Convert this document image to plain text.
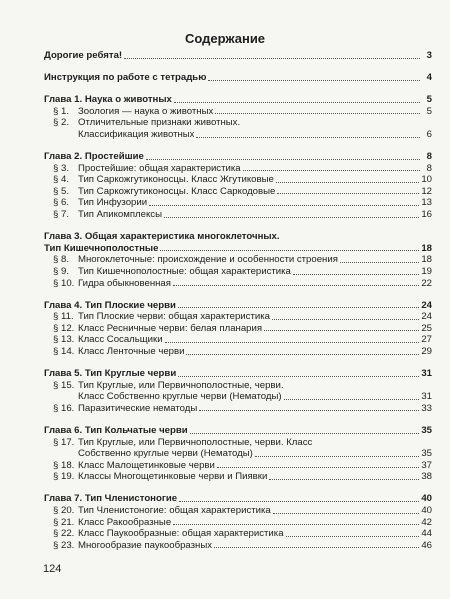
Содержание
Дорогие ребята!	3
Инструкция по работе с тетрадью	4
Глава 1. Наука о животных	5
§ 1. Зоология — наука о животных	5
§ 2. Отличительные признаки животных.
Классификация животных	6
Глава 2. Простейшие	8
§ 3. Простейшие: общая характеристика	8
§ 4. Тип Саркожгутиконосцы. Класс Жгутиковые	10
§ 5. Тип Саркожгутиконосцы. Класс Саркодовые	12
§ 6. Тип Инфузории	13
§ 7. Тип Апикомплексы	16
Глава 3. Общая характеристика многоклеточных.
Тип Кишечнополостные	18
§ 8. Многоклеточные: происхождение и особенности строения	18
§ 9. Тип Кишечнополостные: общая характеристика	19
§ 10. Гидра обыкновенная	22
Глава 4. Тип Плоские черви	24
§ 11. Тип Плоские черви: общая характеристика	24
§ 12. Класс Ресничные черви: белая планария	25
§ 13. Класс Сосальщики	27
§ 14. Класс Ленточные черви	29
Глава 5. Тип Круглые черви	31
§ 15. Тип Круглые, или Первичнополостные, черви.
Класс Собственно круглые черви (Нематоды)	31
§ 16. Паразитические нематоды	33
Глава 6. Тип Кольчатые черви	35
§ 17. Тип Круглые, или Первичнополостные, черви. Класс
Собственно круглые черви (Нематоды)	35
§ 18. Класс Малощетинковые черви	37
§ 19. Классы Многощетинковые черви и Пиявки	38
Глава 7. Тип Членистоногие	40
§ 20. Тип Членистоногие: общая характеристика	40
§ 21. Класс Ракообразные	42
§ 22. Класс Паукообразные: общая характеристика	44
§ 23. Многообразие паукообразных	46
124
